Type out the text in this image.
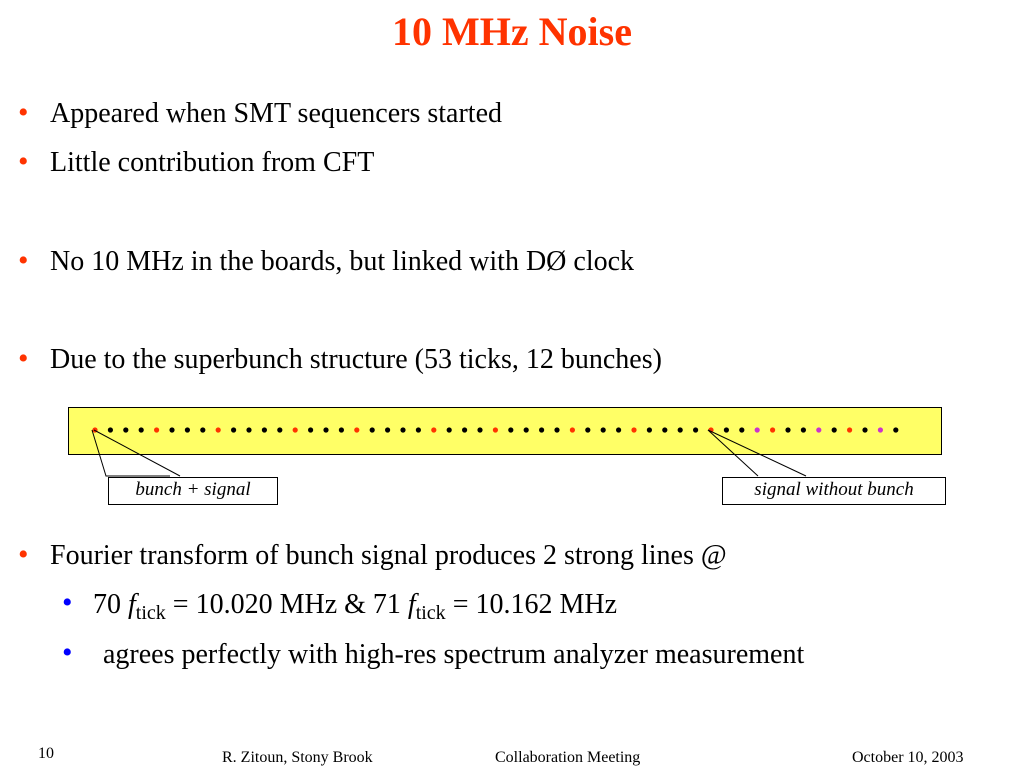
10 MHz Noise
• Appeared when SMT sequencers started
• Little contribution from CFT
• No 10 MHz in the boards, but linked with DØ clock
• Due to the superbunch structure (53 ticks, 12 bunches)
bunch + signal	signal without bunch
• Fourier transform of bunch signal produces 2 strong lines @
• 70 $f_{tick} = 10.020$ MHz & 71 $f_{tick} = 10.162$ MHz
• agrees perfectly with high-res spectrum analyzer measurement
10	R. Zitoun, Stony Brook	Collaboration Meeting	October 10, 2003
